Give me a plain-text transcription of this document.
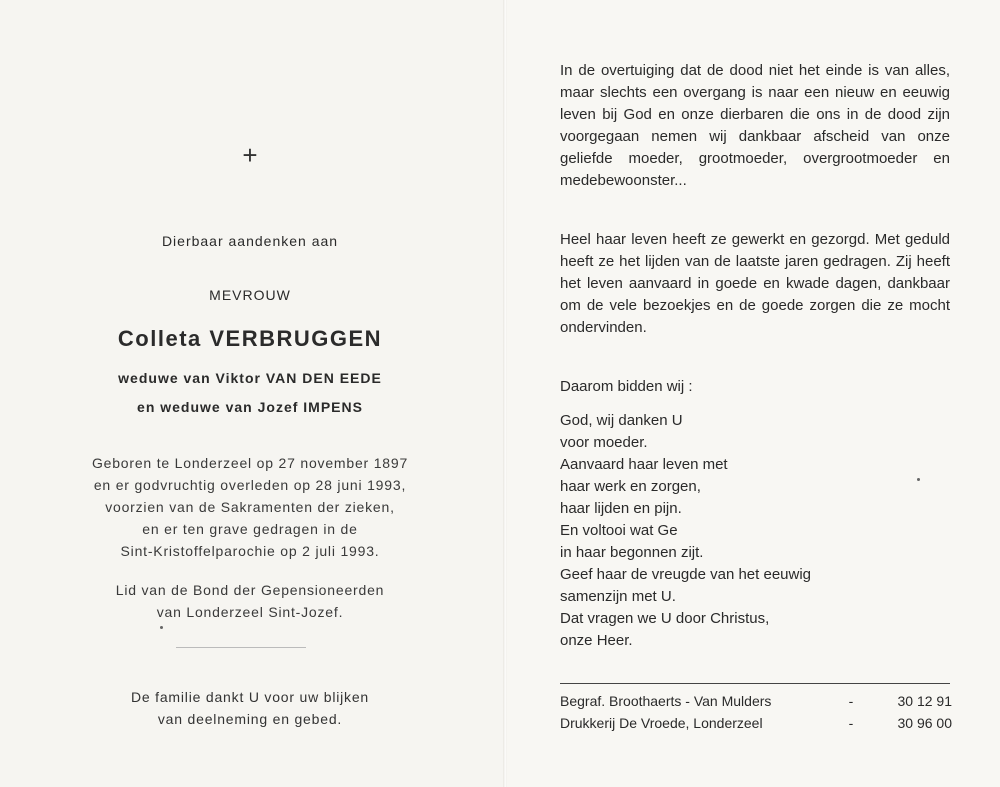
+
Dierbaar aandenken aan
MEVROUW
Colleta VERBRUGGEN
weduwe van Viktor VAN DEN EEDE
en weduwe van Jozef IMPENS
Geboren te Londerzeel op 27 november 1897
en er godvruchtig overleden op 28 juni 1993,
voorzien van de Sakramenten der zieken,
en er ten grave gedragen in de
Sint-Kristoffelparochie op 2 juli 1993.
Lid van de Bond der Gepensioneerden
van Londerzeel Sint-Jozef.
De familie dankt U voor uw blijken
van deelneming en gebed.
In de overtuiging dat de dood niet het einde is van alles, maar slechts een overgang is naar een nieuw en eeuwig leven bij God en onze dierbaren die ons in de dood zijn voorgegaan nemen wij dankbaar afscheid van onze geliefde moeder, grootmoeder, overgrootmoeder en medebewoonster...
Heel haar leven heeft ze gewerkt en gezorgd. Met geduld heeft ze het lijden van de laatste jaren gedragen. Zij heeft het leven aanvaard in goede en kwade dagen, dankbaar om de vele bezoekjes en de goede zorgen die ze mocht ondervinden.
Daarom bidden wij :
God, wij danken U
voor moeder.
Aanvaard haar leven met
haar werk en zorgen,
haar lijden en pijn.
En voltooi wat Ge
in haar begonnen zijt.
Geef haar de vreugde van het eeuwig
samenzijn met U.
Dat vragen we U door Christus,
onze Heer.
Begraf. Broothaerts - Van Mulders	-	30 12 91
Drukkerij De Vroede, Londerzeel	-	30 96 00
